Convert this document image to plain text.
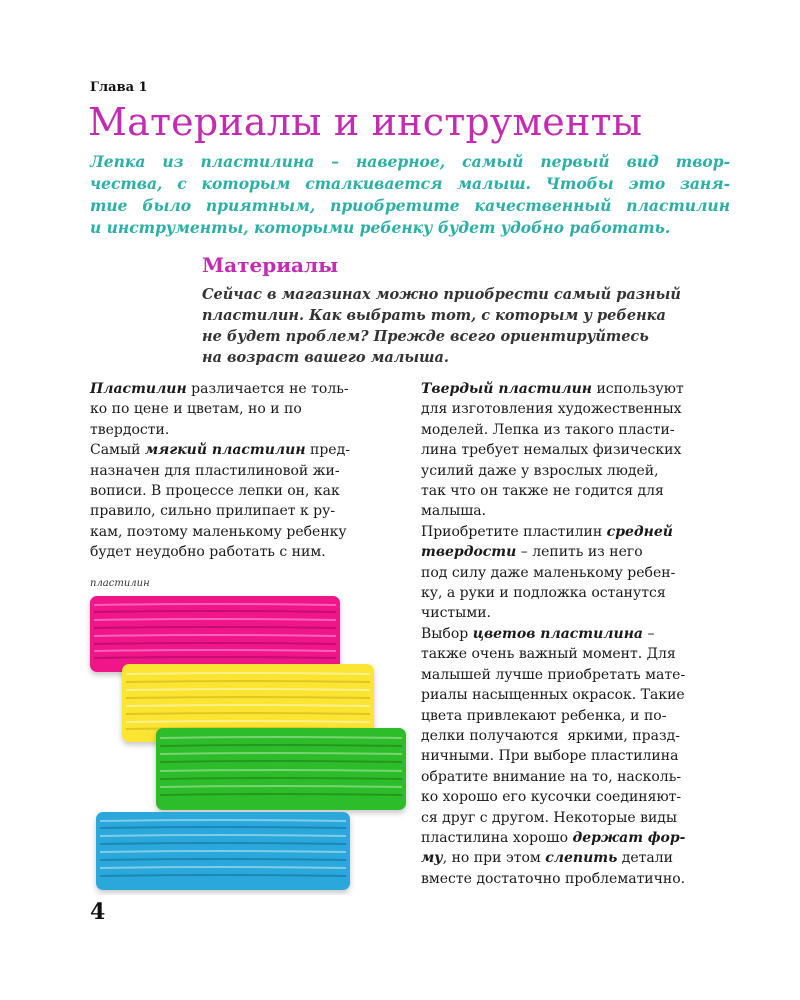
Глава 1
Материалы и инструменты

Лепка из пластилина – наверное, самый первый вид твор-
чества, с которым сталкивается малыш. Чтобы это заня-
тие было приятным, приобретите качественный пластилин
и инструменты, которыми ребенку будет удобно работать.

Материалы

Сейчас в магазинах можно приобрести самый разный
пластилин. Как выбрать тот, с которым у ребенка
не будет проблем? Прежде всего ориентируйтесь
на возраст вашего малыша.

Пластилин различается не толь-
ко по цене и цветам, но и по
твердости.
Самый мягкий пластилин пред-
назначен для пластилиновой жи-
вописи. В процессе лепки он, как
правило, сильно прилипает к ру-
кам, поэтому маленькому ребенку
будет неудобно работать с ним.
пластилин
Твердый пластилин используют
для изготовления художественных
моделей. Лепка из такого пласти-
лина требует немалых физических
усилий даже у взрослых людей,
так что он также не годится для
малыша.
Приобретите пластилин средней
твердости – лепить из него
под силу даже маленькому ребен-
ку, а руки и подложка останутся
чистыми.
Выбор цветов пластилина –
также очень важный момент. Для
малышей лучше приобретать мате-
риалы насыщенных окрасок. Такие
цвета привлекают ребенка, и по-
делки получаются  яркими, празд-
ничными. При выборе пластилина
обратите внимание на то, насколь-
ко хорошо его кусочки соединяют-
ся друг с другом. Некоторые виды
пластилина хорошо держат фор-
му, но при этом слепить детали
вместе достаточно проблематично.
4
